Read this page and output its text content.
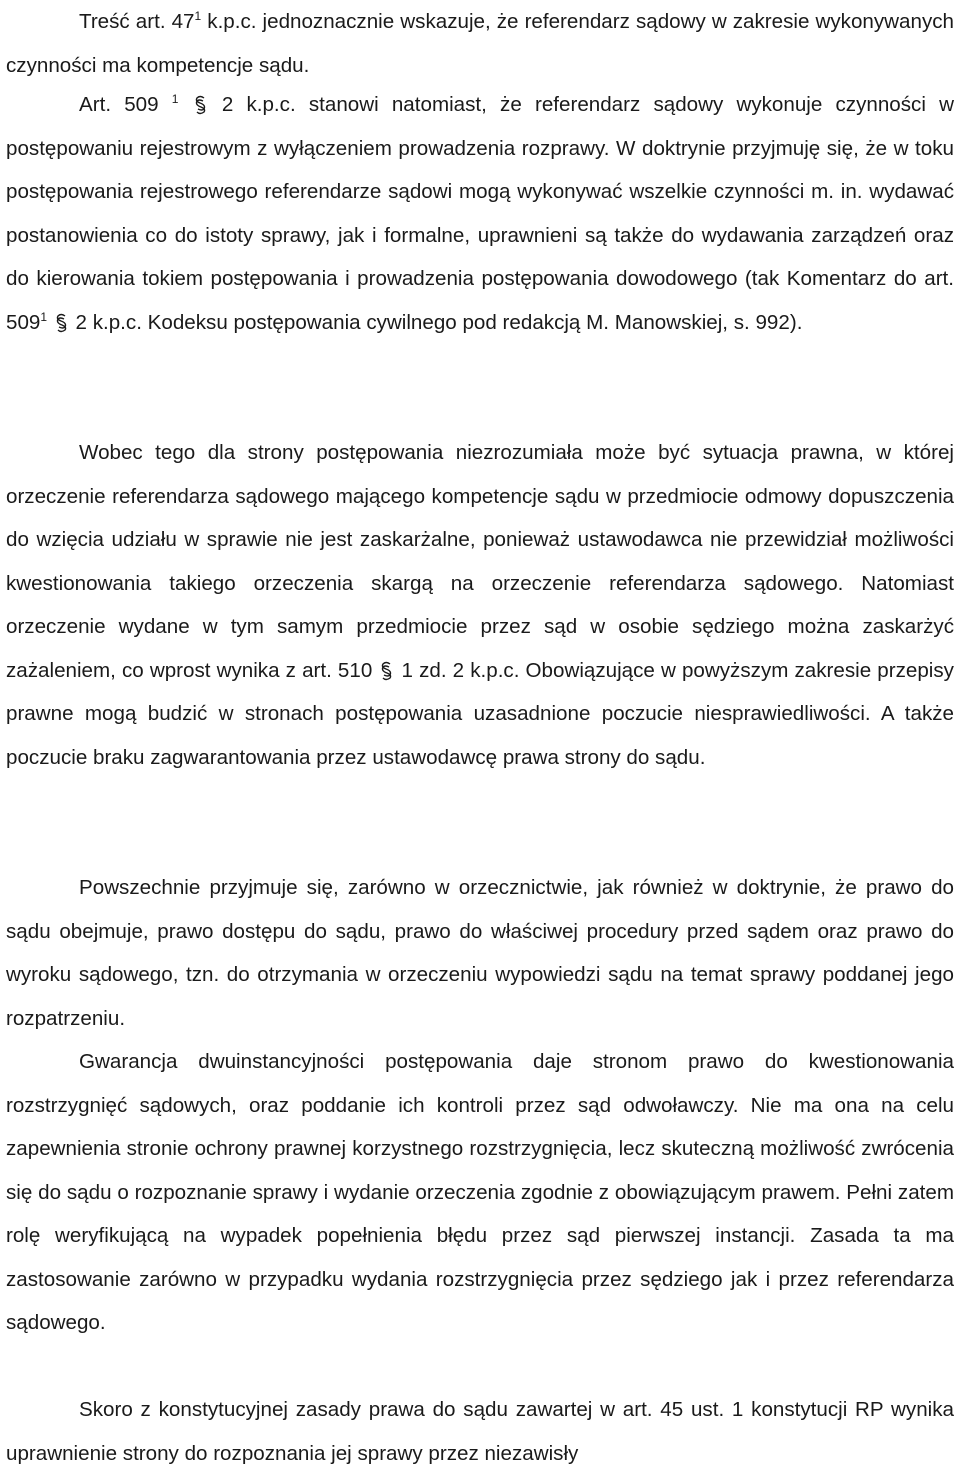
Treść art. 47$^1$ k.p.c. jednoznacznie wskazuje, że referendarz sądowy w zakresie wykonywanych czynności ma kompetencje sądu.

Art. 509 $^1$ 2 k.p.c. stanowi natomiast, że referendarz sądowy wykonuje czynności w postępowaniu rejestrowym z wyłączeniem prowadzenia rozprawy. W doktrynie przyjmuję się, że w toku postępowania rejestrowego referendarze sądowi mogą wykonywać wszelkie czynności m. in. wydawać postanowienia co do istoty sprawy, jak i formalne, uprawnieni są także do wydawania zarządzeń oraz do kierowania tokiem postępowania i prowadzenia postępowania dowodowego (tak Komentarz do art. 509$^1$ 2 k.p.c. Kodeksu postępowania cywilnego pod redakcją M. Manowskiej, s. 992).

Wobec tego dla strony postępowania niezrozumiała może być sytuacja prawna, w której orzeczenie referendarza sądowego mającego kompetencje sądu w przedmiocie odmowy dopuszczenia do wzięcia udziału w sprawie nie jest zaskarżalne, ponieważ ustawodawca nie przewidział możliwości kwestionowania takiego orzeczenia skargą na orzeczenie referendarza sądowego. Natomiast orzeczenie wydane w tym samym przedmiocie przez sąd w osobie sędziego można zaskarżyć zażaleniem, co wprost wynika z art. 510 1 zd. 2 k.p.c. Obowiązujące w powyższym zakresie przepisy prawne mogą budzić w stronach postępowania uzasadnione poczucie niesprawiedliwości. A także poczucie braku zagwarantowania przez ustawodawcę prawa strony do sądu.

Powszechnie przyjmuje się, zarówno w orzecznictwie, jak również w doktrynie, że prawo do sądu obejmuje, prawo dostępu do sądu, prawo do właściwej procedury przed sądem oraz prawo do wyroku sądowego, tzn. do otrzymania w orzeczeniu wypowiedzi sądu na temat sprawy poddanej jego rozpatrzeniu.

Gwarancja dwuinstancyjności postępowania daje stronom prawo do kwestionowania rozstrzygnięć sądowych, oraz poddanie ich kontroli przez sąd odwoławczy. Nie ma ona na celu zapewnienia stronie ochrony prawnej korzystnego rozstrzygnięcia, lecz skuteczną możliwość zwrócenia się do sądu o rozpoznanie sprawy i wydanie orzeczenia zgodnie z obowiązującym prawem. Pełni zatem rolę weryfikującą na wypadek popełnienia błędu przez sąd pierwszej instancji. Zasada ta ma zastosowanie zarówno w przypadku wydania rozstrzygnięcia przez sędziego jak i przez referendarza sądowego.

Skoro z konstytucyjnej zasady prawa do sądu zawartej w art. 45 ust. 1 konstytucji RP wynika uprawnienie strony do rozpoznania jej sprawy przez niezawisły
